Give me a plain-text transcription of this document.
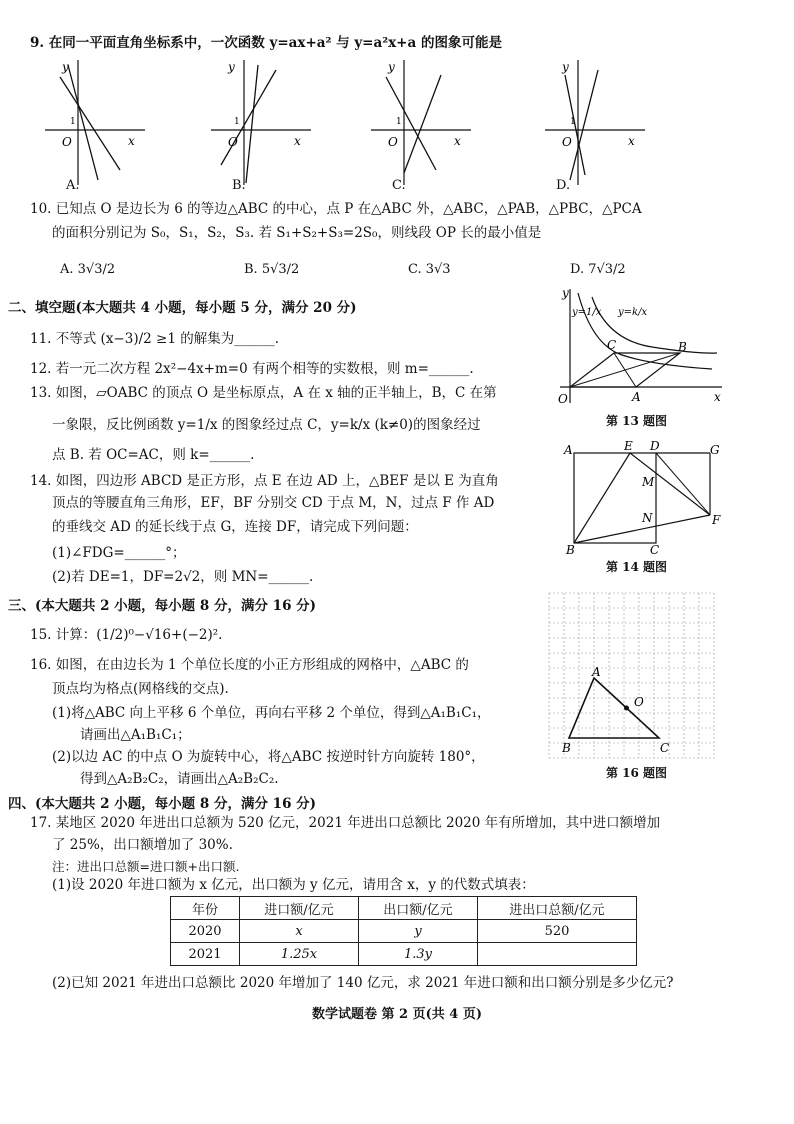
9. 在同一平面直角坐标系中，一次函数 y=ax+a² 与 y=a²x+a 的图象可能是
y
x
O
1
y
x
O
1
y
x
O
1
y
x
O
1
A.	B.	C.	D.
10. 已知点 O 是边长为 6 的等边△ABC 的中心，点 P 在△ABC 外，△ABC，△PAB，△PBC，△PCA
的面积分别记为 S₀，S₁，S₂，S₃. 若 S₁+S₂+S₃=2S₀，则线段 OP 长的最小值是
A. 3√3/2	B. 5√3/2	C. 3√3	D. 7√3/2
二、填空题(本大题共 4 小题，每小题 5 分，满分 20 分)
11. 不等式 (x−3)/2 ≥1 的解集为______.
12. 若一元二次方程 2x²−4x+m=0 有两个相等的实数根，则 m=______.
13. 如图，▱OABC 的顶点 O 是坐标原点，A 在 x 轴的正半轴上，B，C 在第
一象限，反比例函数 y=1/x 的图象经过点 C，y=k/x (k≠0)的图象经过
点 B. 若 OC=AC，则 k=______.
y
y=1/x y=k/x
C	B
O	A	x
第 13 题图
14. 如图，四边形 ABCD 是正方形，点 E 在边 AD 上，△BEF 是以 E 为直角
顶点的等腰直角三角形，EF，BF 分别交 CD 于点 M，N，过点 F 作 AD
的垂线交 AD 的延长线于点 G，连接 DF，请完成下列问题：
(1)∠FDG=______°；
(2)若 DE=1，DF=2√2，则 MN=______.
A	E D	G
M
N	F
B	C
第 14 题图
三、(本大题共 2 小题，每小题 8 分，满分 16 分)
15. 计算：(1/2)⁰−√16+(−2)².
16. 如图，在由边长为 1 个单位长度的小正方形组成的网格中，△ABC 的
顶点均为格点(网格线的交点).
(1)将△ABC 向上平移 6 个单位，再向右平移 2 个单位，得到△A₁B₁C₁，
请画出△A₁B₁C₁；
(2)以边 AC 的中点 O 为旋转中心，将△ABC 按逆时针方向旋转 180°，
得到△A₂B₂C₂，请画出△A₂B₂C₂.
A
O
B	C
第 16 题图
四、(本大题共 2 小题，每小题 8 分，满分 16 分)
17. 某地区 2020 年进出口总额为 520 亿元，2021 年进出口总额比 2020 年有所增加，其中进口额增加
了 25%，出口额增加了 30%.
注：进出口总额=进口额+出口额.
(1)设 2020 年进口额为 x 亿元，出口额为 y 亿元，请用含 x，y 的代数式填表：
年份	进口额/亿元	出口额/亿元	进出口总额/亿元
2020	x	y	520
2021	1.25x	1.3y	
(2)已知 2021 年进出口总额比 2020 年增加了 140 亿元，求 2021 年进口额和出口额分别是多少亿元?
数学试题卷 第 2 页(共 4 页)
